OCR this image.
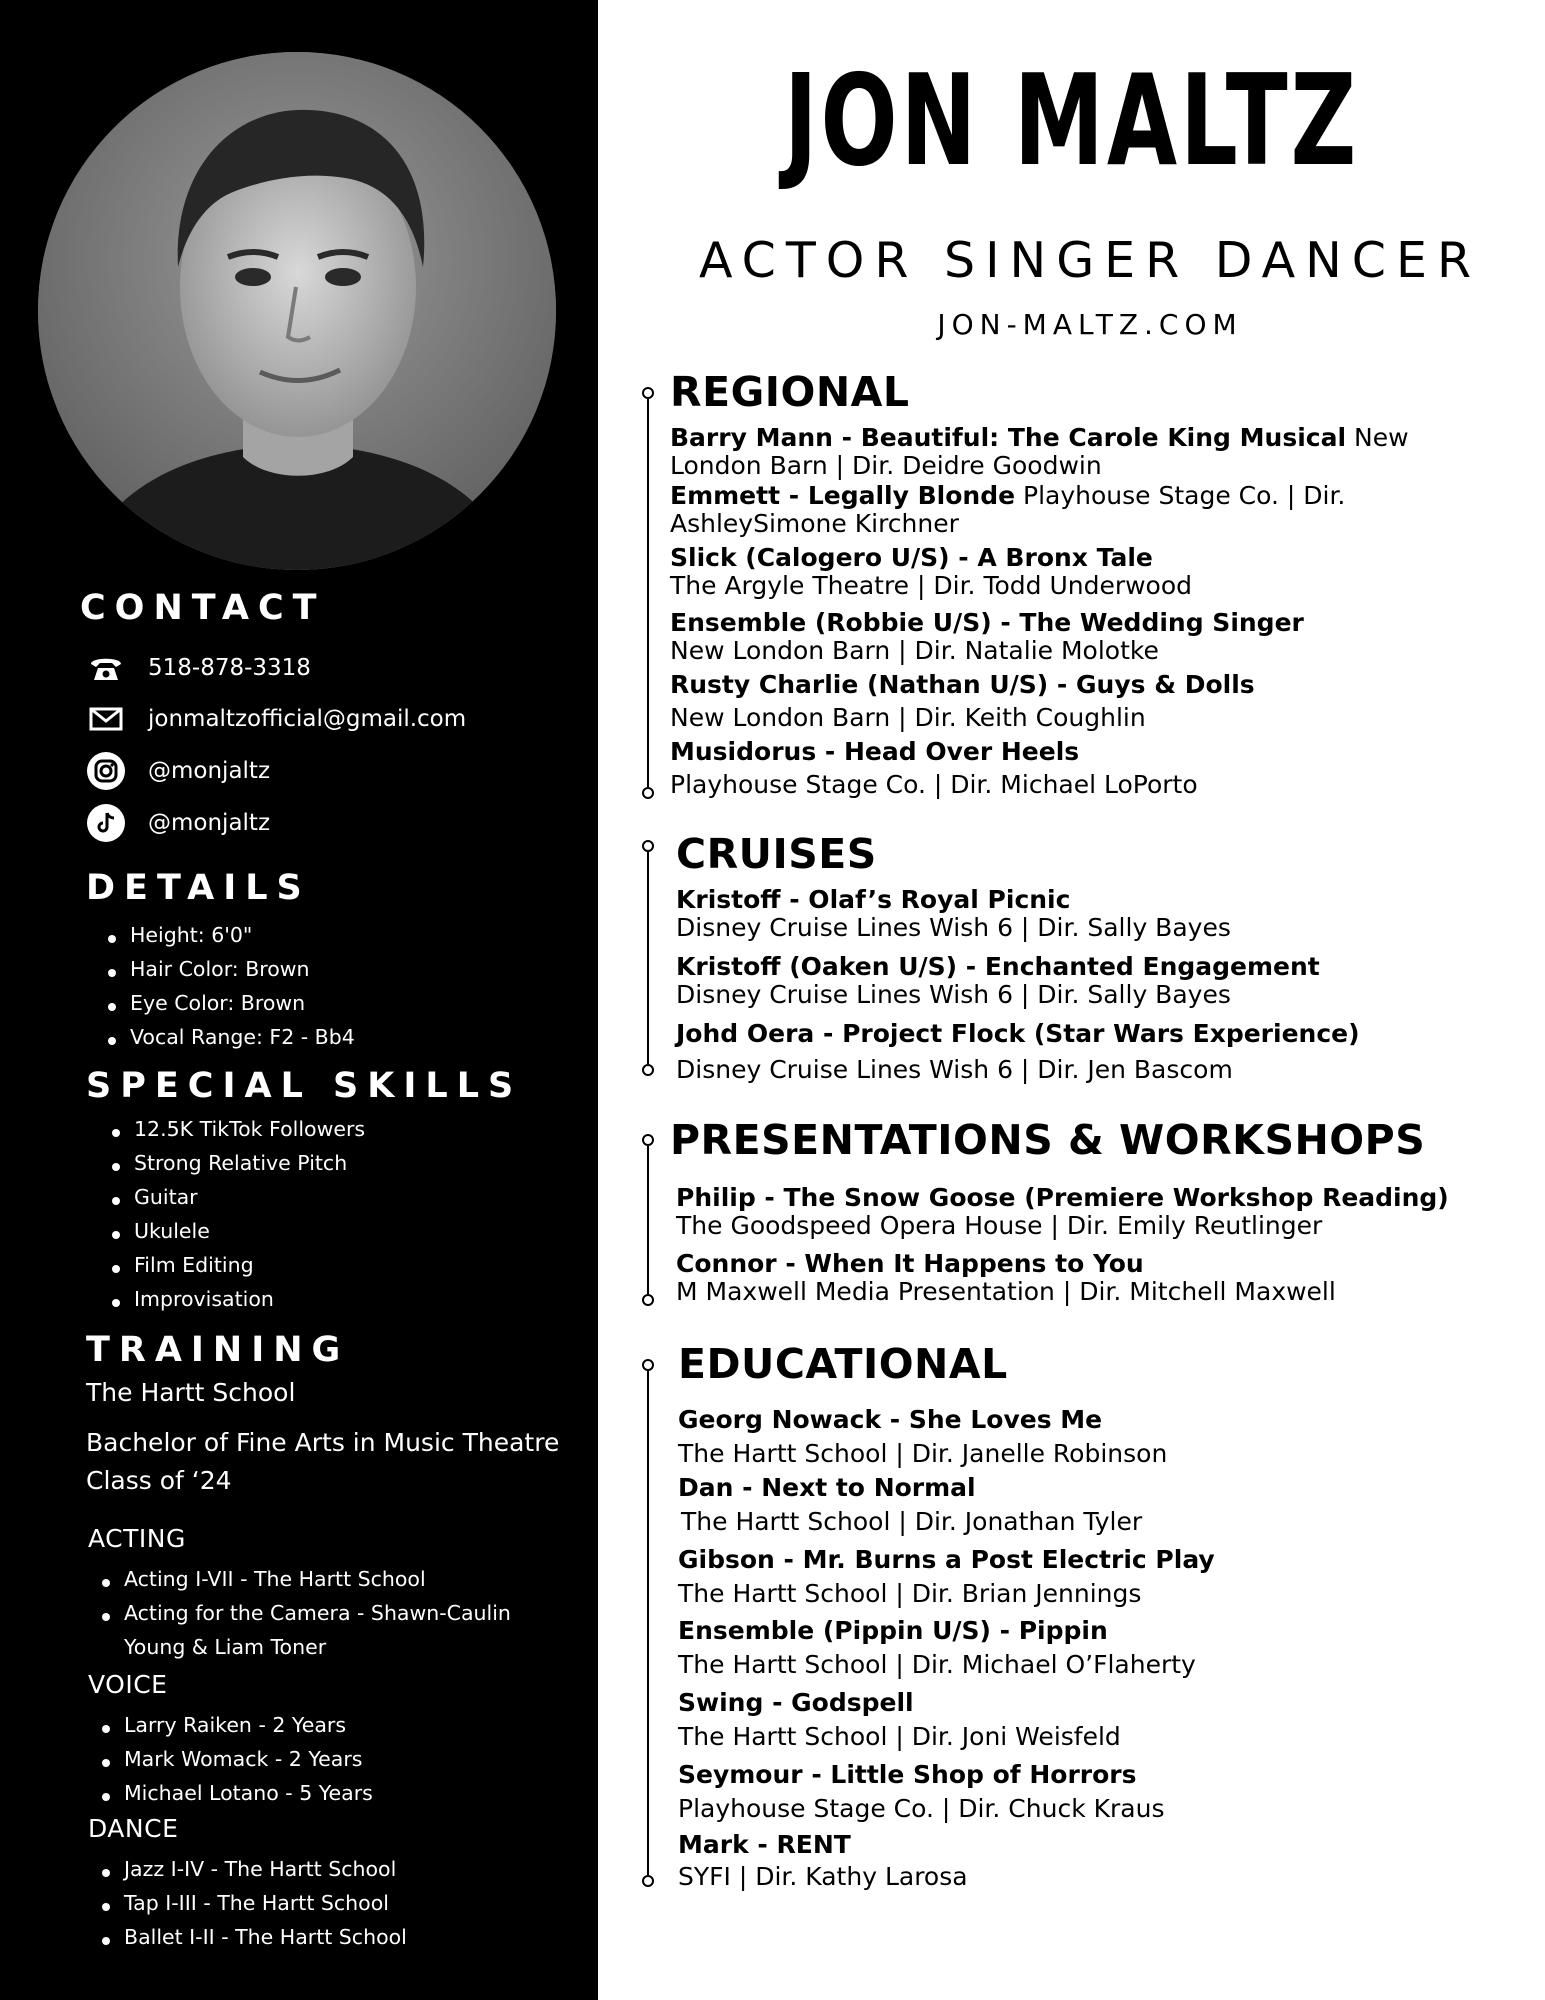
CONTACT
518-878-3318
jonmaltzofficial@gmail.com
@monjaltz
@monjaltz
DETAILS
Height: 6'0"
Hair Color: Brown
Eye Color: Brown
Vocal Range: F2 - Bb4
SPECIAL SKILLS
12.5K TikTok Followers
Strong Relative Pitch
Guitar
Ukulele
Film Editing
Improvisation
TRAINING

The Hartt School

Bachelor of Fine Arts in Music Theatre

Class of ‘24

ACTING

Acting I-VII - The Hartt School
Acting for the Camera - Shawn-Caulin Young & Liam Toner

VOICE

Larry Raiken - 2 Years
Mark Womack - 2 Years
Michael Lotano - 5 Years

DANCE

Jazz I-IV - The Hartt School
Tap I-III - The Hartt School
Ballet I-II - The Hartt School
JON MALTZ

ACTOR SINGER DANCER

JON-MALTZ.COM

REGIONAL
Barry Mann - Beautiful: The Carole King Musical New London Barn | Dir. Deidre Goodwin
Emmett - Legally Blonde Playhouse Stage Co. | Dir. AshleySimone Kirchner
Slick (Calogero U/S) - A Bronx Tale
The Argyle Theatre | Dir. Todd Underwood
Ensemble (Robbie U/S) - The Wedding Singer
New London Barn | Dir. Natalie Molotke
Rusty Charlie (Nathan U/S) - Guys & Dolls
New London Barn | Dir. Keith Coughlin
Musidorus - Head Over Heels
Playhouse Stage Co. | Dir. Michael LoPorto
CRUISES
Kristoff - Olaf’s Royal Picnic
Disney Cruise Lines Wish 6 | Dir. Sally Bayes
Kristoff (Oaken U/S) - Enchanted Engagement
Disney Cruise Lines Wish 6 | Dir. Sally Bayes
Johd Oera - Project Flock (Star Wars Experience)
Disney Cruise Lines Wish 6 | Dir. Jen Bascom
PRESENTATIONS & WORKSHOPS
Philip - The Snow Goose (Premiere Workshop Reading)
The Goodspeed Opera House | Dir. Emily Reutlinger
Connor - When It Happens to You
M Maxwell Media Presentation | Dir. Mitchell Maxwell
EDUCATIONAL
Georg Nowack - She Loves Me
The Hartt School | Dir. Janelle Robinson
Dan - Next to Normal
The Hartt School | Dir. Jonathan Tyler
Gibson - Mr. Burns a Post Electric Play
The Hartt School | Dir. Brian Jennings
Ensemble (Pippin U/S) - Pippin
The Hartt School | Dir. Michael O’Flaherty
Swing - Godspell
The Hartt School | Dir. Joni Weisfeld
Seymour - Little Shop of Horrors
Playhouse Stage Co. | Dir. Chuck Kraus
Mark - RENT
SYFI | Dir. Kathy Larosa
